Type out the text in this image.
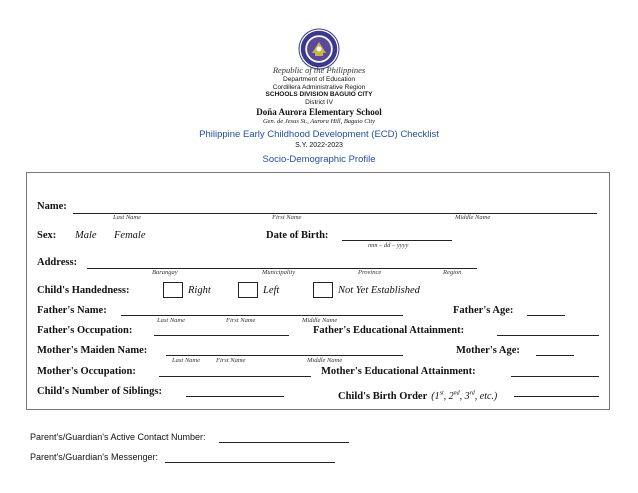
Republic of the Philippines
Department of Education
Cordillera Administrative Region
SCHOOLS DIVISION BAGUIO CITY
District IV
Doña Aurora Elementary School
Gen. de Jesus St., Aurora Hill, Baguio City
Philippine Early Childhood Development (ECD) Checklist
S.Y. 2022-2023
Socio-Demographic Profile
Name:
Last Name	First Name	Middle Name
Sex: Male Female	Date of Birth:
mm – dd – yyyy
Address:
Barangay	Municipality	Province	Region
Child's Handedness:	Right	Left	Not Yet Established
Father's Name:	Father's Age:
Last Name	First Name	Middle Name
Father's Occupation:	Father's Educational Attainment:
Mother's Maiden Name:	Mother's Age:
Last Name First Name	Middle Name
Mother's Occupation:	Mother's Educational Attainment:
Child's Number of Siblings:	Child's Birth Order (1st, 2nd, 3rd, etc.)
Parent's/Guardian's Active Contact Number:
Parent's/Guardian's Messenger:
